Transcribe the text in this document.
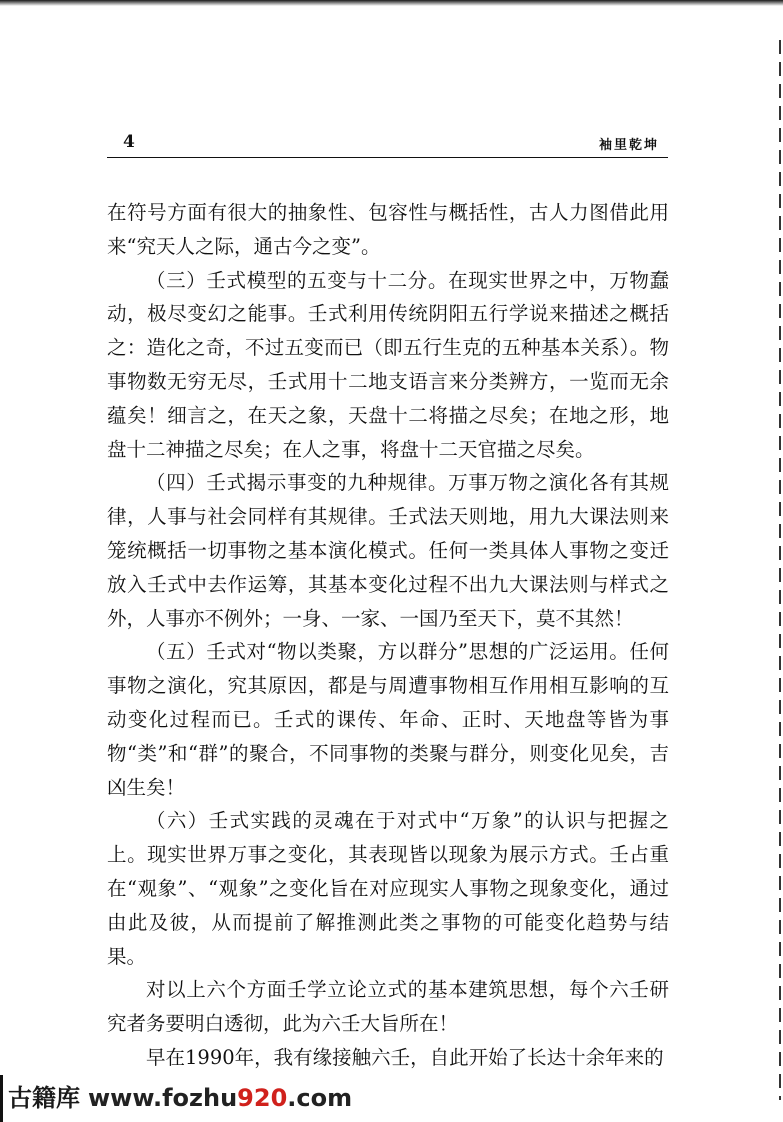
4	袖里乾坤

在符号方面有很大的抽象性、包容性与概括性，古人力图借此用来“究天人之际，通古今之变”。

（三）壬式模型的五变与十二分。在现实世界之中，万物蠢动，极尽变幻之能事。壬式利用传统阴阳五行学说来描述之概括之：造化之奇，不过五变而已（即五行生克的五种基本关系）。物事物数无穷无尽，壬式用十二地支语言来分类辨方，一览而无余蕴矣！细言之，在天之象，天盘十二将描之尽矣；在地之形，地盘十二神描之尽矣；在人之事，将盘十二天官描之尽矣。

（四）壬式揭示事变的九种规律。万事万物之演化各有其规律，人事与社会同样有其规律。壬式法天则地，用九大课法则来笼统概括一切事物之基本演化模式。任何一类具体人事物之变迁放入壬式中去作运筹，其基本变化过程不出九大课法则与样式之外，人事亦不例外；一身、一家、一国乃至天下，莫不其然！

（五）壬式对“物以类聚，方以群分”思想的广泛运用。任何事物之演化，究其原因，都是与周遭事物相互作用相互影响的互动变化过程而已。壬式的课传、年命、正时、天地盘等皆为事物“类”和“群”的聚合，不同事物的类聚与群分，则变化见矣，吉凶生矣！

（六）壬式实践的灵魂在于对式中“万象”的认识与把握之上。现实世界万事之变化，其表现皆以现象为展示方式。壬占重在“观象”、“观象”之变化旨在对应现实人事物之现象变化，通过由此及彼，从而提前了解推测此类之事物的可能变化趋势与结果。

对以上六个方面壬学立论立式的基本建筑思想，每个六壬研究者务要明白透彻，此为六壬大旨所在！

早在1990年，我有缘接触六壬，自此开始了长达十余年来的

古籍库 www.fozhu920.com
